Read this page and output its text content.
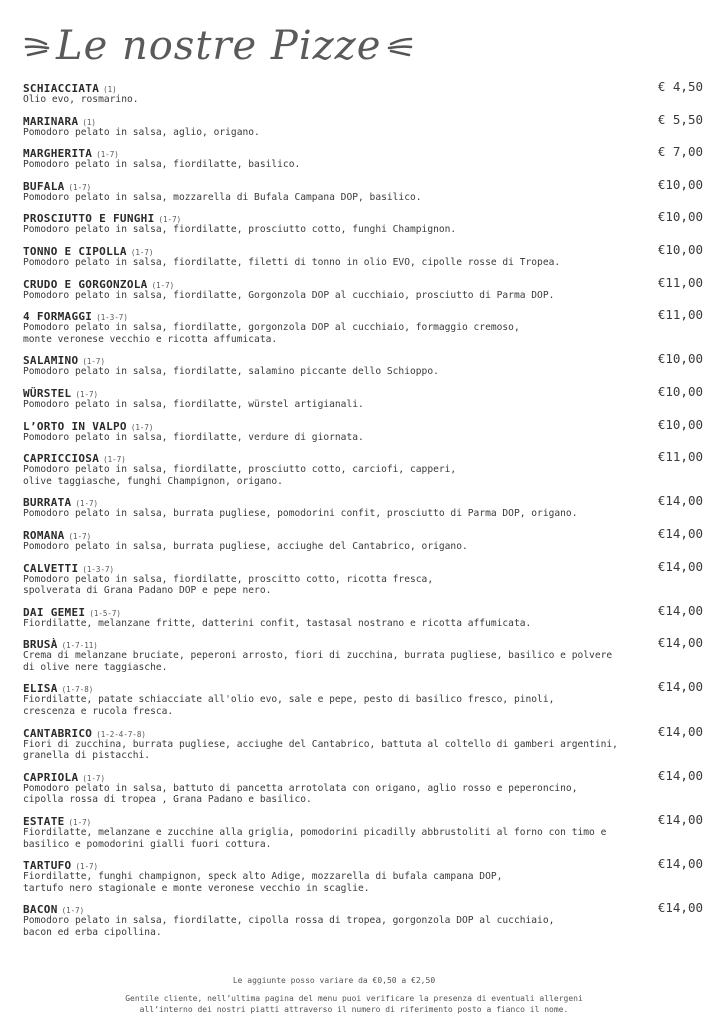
Le nostre Pizze
SCHIACCIATA (1)
Olio evo, rosmarino.
€ 4,50
MARINARA (1)
Pomodoro pelato in salsa, aglio, origano.
€ 5,50
MARGHERITA (1-7)
Pomodoro pelato in salsa, fiordilatte, basilico.
€ 7,00
BUFALA (1-7)
Pomodoro pelato in salsa, mozzarella di Bufala Campana DOP, basilico.
€10,00
PROSCIUTTO E FUNGHI (1-7)
Pomodoro pelato in salsa, fiordilatte, prosciutto cotto, funghi Champignon.
€10,00
TONNO E CIPOLLA (1-7)
Pomodoro pelato in salsa, fiordilatte, filetti di tonno in olio EVO, cipolle rosse di Tropea.
€10,00
CRUDO E GORGONZOLA (1-7)
Pomodoro pelato in salsa, fiordilatte, Gorgonzola DOP al cucchiaio, prosciutto di Parma DOP.
€11,00
4 FORMAGGI (1-3-7)
Pomodoro pelato in salsa, fiordilatte, gorgonzola DOP al cucchiaio, formaggio cremoso,
monte veronese vecchio e ricotta affumicata.
€11,00
SALAMINO (1-7)
Pomodoro pelato in salsa, fiordilatte, salamino piccante dello Schioppo.
€10,00
WÜRSTEL (1-7)
Pomodoro pelato in salsa, fiordilatte, würstel artigianali.
€10,00
L’ORTO IN VALPO (1-7)
Pomodoro pelato in salsa, fiordilatte, verdure di giornata.
€10,00
CAPRICCIOSA (1-7)
Pomodoro pelato in salsa, fiordilatte, prosciutto cotto, carciofi, capperi,
olive taggiasche, funghi Champignon, origano.
€11,00
BURRATA (1-7)
Pomodoro pelato in salsa, burrata pugliese, pomodorini confit, prosciutto di Parma DOP, origano.
€14,00
ROMANA (1-7)
Pomodoro pelato in salsa, burrata pugliese, acciughe del Cantabrico, origano.
€14,00
CALVETTI (1-3-7)
Pomodoro pelato in salsa, fiordilatte, proscitto cotto, ricotta fresca,
spolverata di Grana Padano DOP e pepe nero.
€14,00
DAI GEMEI (1-5-7)
Fiordilatte, melanzane fritte, datterini confit, tastasal nostrano e ricotta affumicata.
€14,00
BRUSÀ (1-7-11)
Crema di melanzane bruciate, peperoni arrosto, fiori di zucchina, burrata pugliese, basilico e polvere
di olive nere taggiasche.
€14,00
ELISA (1-7-8)
Fiordilatte, patate schiacciate all'olio evo, sale e pepe, pesto di basilico fresco, pinoli,
crescenza e rucola fresca.
€14,00
CANTABRICO (1-2-4-7-8)
Fiori di zucchina, burrata pugliese, acciughe del Cantabrico, battuta al coltello di gamberi argentini,
granella di pistacchi.
€14,00
CAPRIOLA (1-7)
Pomodoro pelato in salsa, battuto di pancetta arrotolata con origano, aglio rosso e peperoncino,
cipolla rossa di tropea , Grana Padano e basilico.
€14,00
ESTATE (1-7)
Fiordilatte, melanzane e zucchine alla griglia, pomodorini picadilly abbrustoliti al forno con timo e
basilico e pomodorini gialli fuori cottura.
€14,00
TARTUFO (1-7)
Fiordilatte, funghi champignon, speck alto Adige, mozzarella di bufala campana DOP,
tartufo nero stagionale e monte veronese vecchio in scaglie.
€14,00
BACON (1-7)
Pomodoro pelato in salsa, fiordilatte, cipolla rossa di tropea, gorgonzola DOP al cucchiaio,
bacon ed erba cipollina.
€14,00
Le aggiunte posso variare da €0,50 a €2,50
Gentile cliente, nell’ultima pagina del menu puoi verificare la presenza di eventuali allergeni
all’interno dei nostri piatti attraverso il numero di riferimento posto a fianco il nome.
